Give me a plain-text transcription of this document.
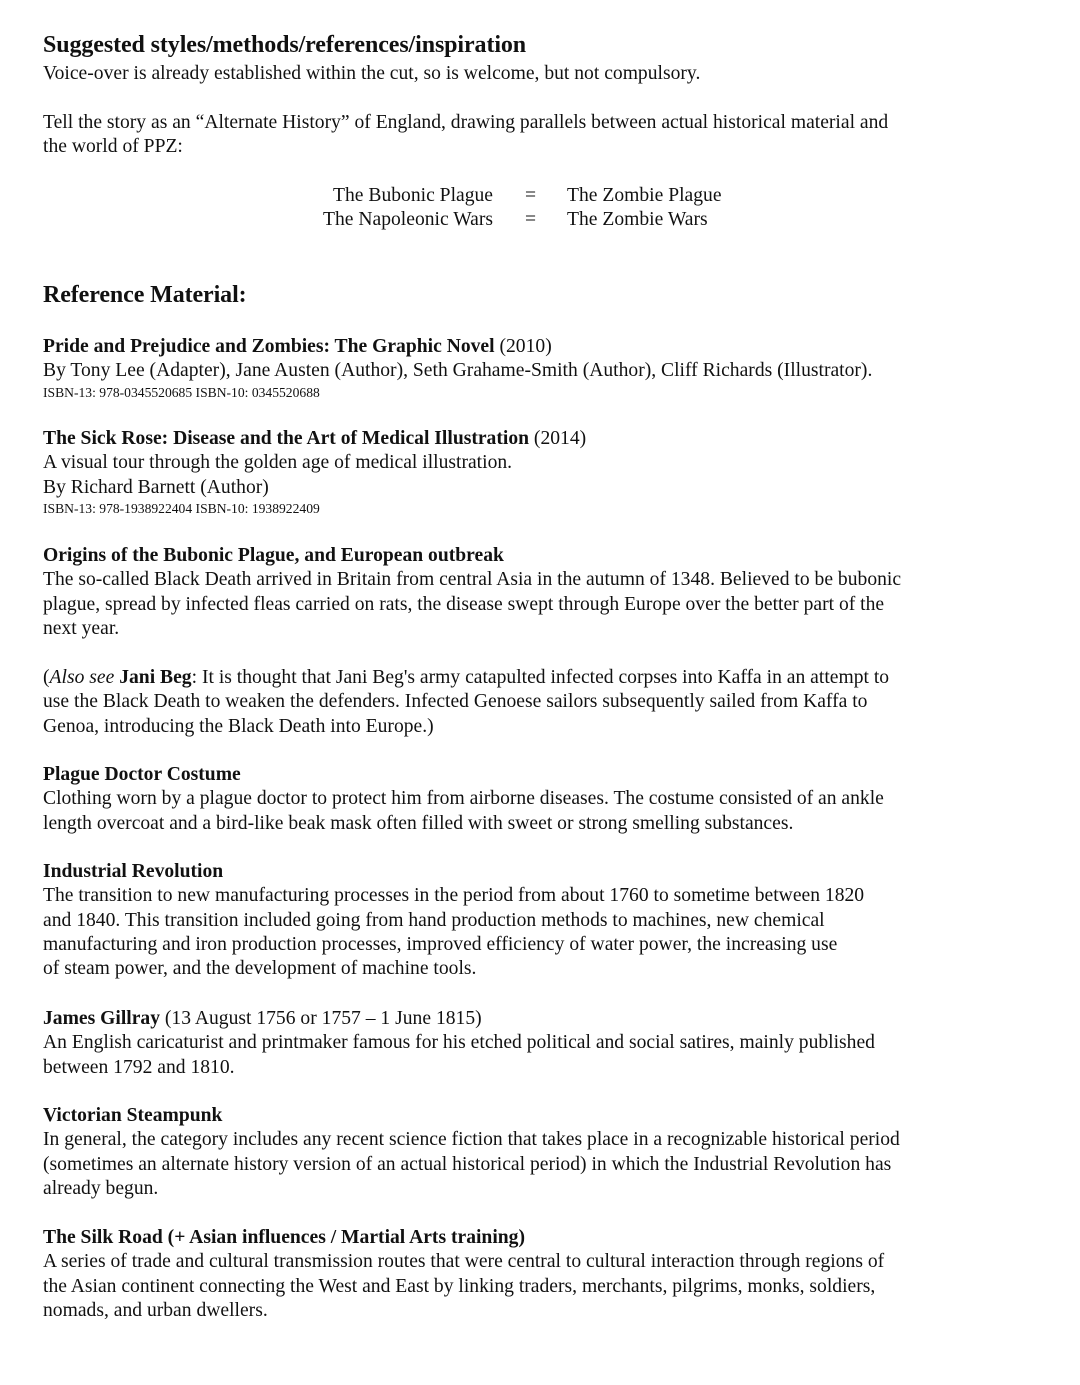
Suggested styles/methods/references/inspiration
Voice-over is already established within the cut, so is welcome, but not compulsory.
Tell the story as an “Alternate History” of England, drawing parallels between actual historical material and
the world of PPZ:
The Bubonic Plague = The Zombie Plague
The Napoleonic Wars = The Zombie Wars
Reference Material:
Pride and Prejudice and Zombies: The Graphic Novel (2010)
By Tony Lee (Adapter), Jane Austen (Author), Seth Grahame-Smith (Author), Cliff Richards (Illustrator).
ISBN-13: 978-0345520685 ISBN-10: 0345520688
The Sick Rose: Disease and the Art of Medical Illustration (2014)
A visual tour through the golden age of medical illustration.
By Richard Barnett (Author)
ISBN-13: 978-1938922404 ISBN-10: 1938922409
Origins of the Bubonic Plague, and European outbreak
The so-called Black Death arrived in Britain from central Asia in the autumn of 1348. Believed to be bubonic
plague, spread by infected fleas carried on rats, the disease swept through Europe over the better part of the
next year.
(Also see Jani Beg: It is thought that Jani Beg's army catapulted infected corpses into Kaffa in an attempt to
use the Black Death to weaken the defenders. Infected Genoese sailors subsequently sailed from Kaffa to
Genoa, introducing the Black Death into Europe.)
Plague Doctor Costume
Clothing worn by a plague doctor to protect him from airborne diseases. The costume consisted of an ankle
length overcoat and a bird-like beak mask often filled with sweet or strong smelling substances.
Industrial Revolution
The transition to new manufacturing processes in the period from about 1760 to sometime between 1820
and 1840. This transition included going from hand production methods to machines, new chemical
manufacturing and iron production processes, improved efficiency of water power, the increasing use
of steam power, and the development of machine tools.
James Gillray (13 August 1756 or 1757 – 1 June 1815)
An English caricaturist and printmaker famous for his etched political and social satires, mainly published
between 1792 and 1810.
Victorian Steampunk
In general, the category includes any recent science fiction that takes place in a recognizable historical period
(sometimes an alternate history version of an actual historical period) in which the Industrial Revolution has
already begun.
The Silk Road (+ Asian influences / Martial Arts training)
A series of trade and cultural transmission routes that were central to cultural interaction through regions of
the Asian continent connecting the West and East by linking traders, merchants, pilgrims, monks, soldiers,
nomads, and urban dwellers.
